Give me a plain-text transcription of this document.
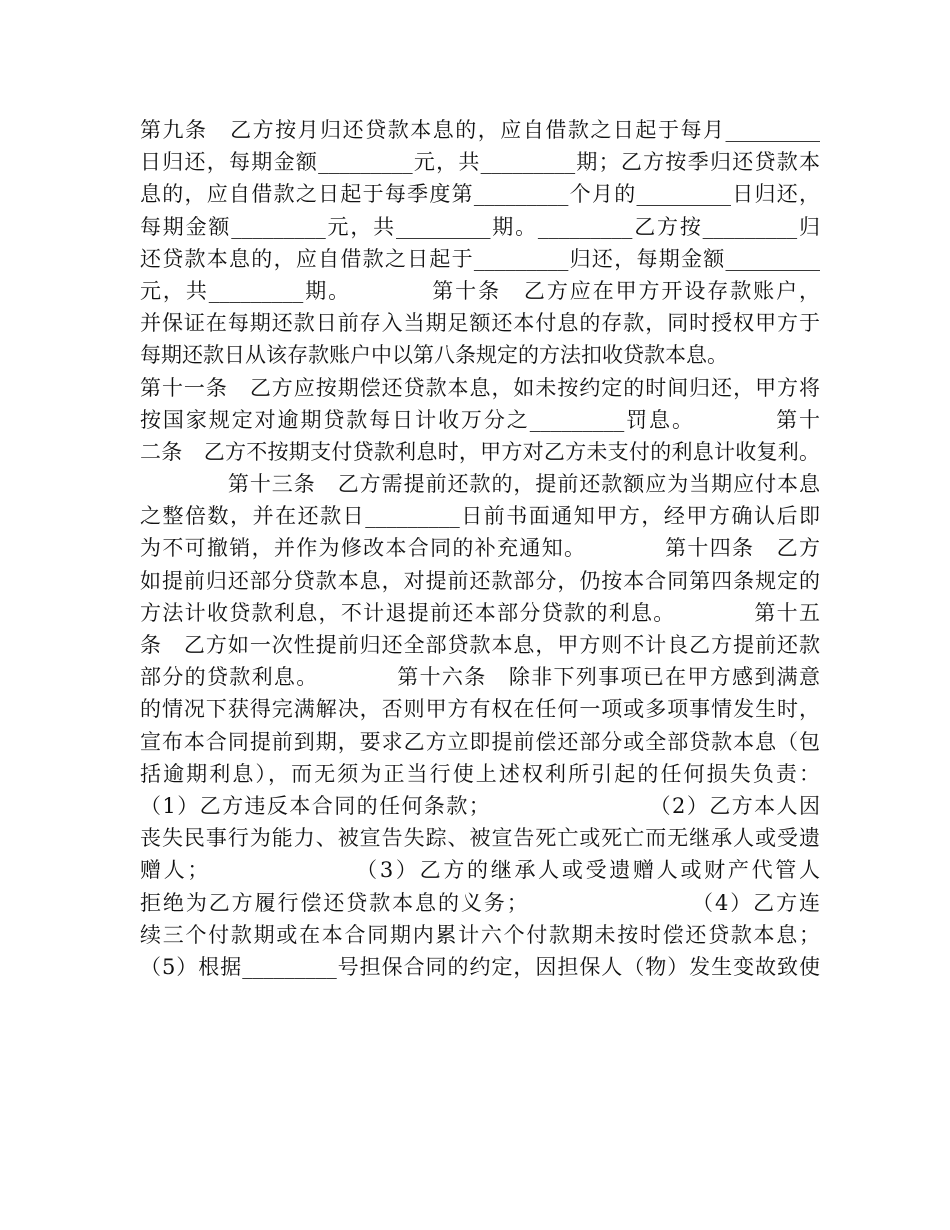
第九条　乙方按月归还贷款本息的，应自借款之日起于每月_________
日归还，每期金额_________元，共_________期；乙方按季归还贷款本
息的，应自借款之日起于每季度第_________个月的_________日归还，
每期金额_________元，共_________期。_________乙方按_________归
还贷款本息的，应自借款之日起于_________归还，每期金额_________
元，共_________期。　　　　第十条　乙方应在甲方开设存款账户，
并保证在每期还款日前存入当期足额还本付息的存款，同时授权甲方于
每期还款日从该存款账户中以第八条规定的方法扣收贷款本息。
第十一条　乙方应按期偿还贷款本息，如未按约定的时间归还，甲方将
按国家规定对逾期贷款每日计收万分之_________罚息。　　　　第十
二条　乙方不按期支付贷款利息时，甲方对乙方未支付的利息计收复利。
　　　　第十三条　乙方需提前还款的，提前还款额应为当期应付本息
之整倍数，并在还款日_________日前书面通知甲方，经甲方确认后即
为不可撤销，并作为修改本合同的补充通知。　　　　第十四条　乙方
如提前归还部分贷款本息，对提前还款部分，仍按本合同第四条规定的
方法计收贷款利息，不计退提前还本部分贷款的利息。　　　　第十五
条　乙方如一次性提前归还全部贷款本息，甲方则不计良乙方提前还款
部分的贷款利息。　　　　第十六条　除非下列事项已在甲方感到满意
的情况下获得完满解决，否则甲方有权在任何一项或多项事情发生时，
宣布本合同提前到期，要求乙方立即提前偿还部分或全部贷款本息（包
括逾期利息），而无须为正当行使上述权利所引起的任何损失负责：
（1）乙方违反本合同的任何条款；　　　　　　　　（2）乙方本人因
丧失民事行为能力、被宣告失踪、被宣告死亡或死亡而无继承人或受遗
赠人；　　　　　　　（3）乙方的继承人或受遗赠人或财产代管人
拒绝为乙方履行偿还贷款本息的义务；　　　　　　　　（4）乙方连
续三个付款期或在本合同期内累计六个付款期未按时偿还贷款本息；
（5）根据_________号担保合同的约定，因担保人（物）发生变故致使
